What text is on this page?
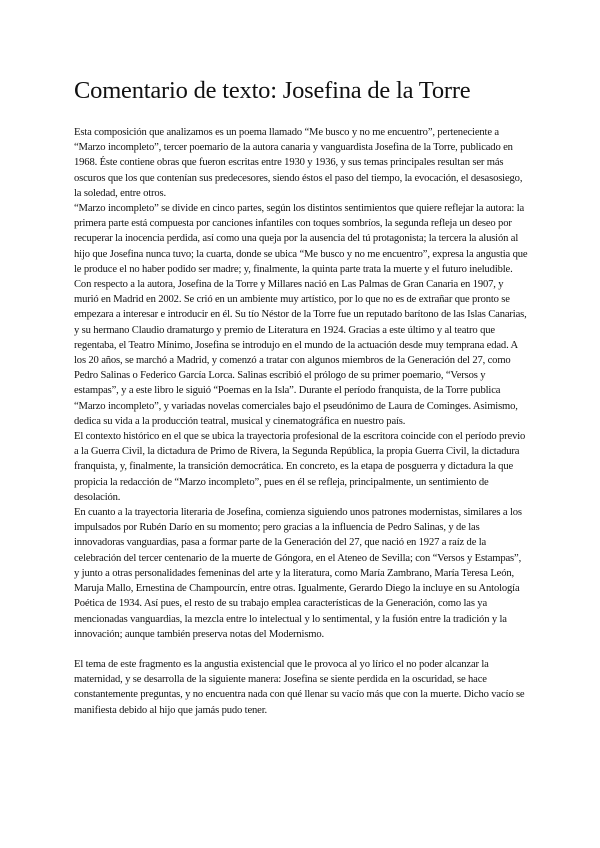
Comentario de texto: Josefina de la Torre

Esta composición que analizamos es un poema llamado “Me busco y no me encuentro”, perteneciente a “Marzo incompleto”, tercer poemario de la autora canaria y vanguardista Josefina de la Torre, publicado en 1968. Éste contiene obras que fueron escritas entre 1930 y 1936, y sus temas principales resultan ser más oscuros que los que contenían sus predecesores, siendo éstos el paso del tiempo, la evocación, el desasosiego, la soledad, entre otros.

“Marzo incompleto” se divide en cinco partes, según los distintos sentimientos que quiere reflejar la autora: la primera parte está compuesta por canciones infantiles con toques sombríos, la segunda refleja un deseo por recuperar la inocencia perdida, así como una queja por la ausencia del tú protagonista; la tercera la alusión al hijo que Josefina nunca tuvo; la cuarta, donde se ubica “Me busco y no me encuentro”, expresa la angustia que le produce el no haber podido ser madre; y, finalmente, la quinta parte trata la muerte y el futuro ineludible.

Con respecto a la autora, Josefina de la Torre y Millares nació en Las Palmas de Gran Canaria en 1907, y murió en Madrid en 2002. Se crió en un ambiente muy artístico, por lo que no es de extrañar que pronto se empezara a interesar e introducir en él. Su tío Néstor de la Torre fue un reputado barítono de las Islas Canarias, y su hermano Claudio dramaturgo y premio de Literatura en 1924. Gracias a este último y al teatro que regentaba, el Teatro Mínimo, Josefina se introdujo en el mundo de la actuación desde muy temprana edad. A los 20 años, se marchó a Madrid, y comenzó a tratar con algunos miembros de la Generación del 27, como Pedro Salinas o Federico García Lorca. Salinas escribió el prólogo de su primer poemario, “Versos y estampas”, y a este libro le siguió “Poemas en la Isla”. Durante el período franquista, de la Torre publica “Marzo incompleto”, y variadas novelas comerciales bajo el pseudónimo de Laura de Cominges. Asimismo, dedica su vida a la producción teatral, musical y cinematográfica en nuestro país.

El contexto histórico en el que se ubica la trayectoria profesional de la escritora coincide con el período previo a la Guerra Civil, la dictadura de Primo de Rivera, la Segunda República, la propia Guerra Civil, la dictadura franquista, y, finalmente, la transición democrática. En concreto, es la etapa de posguerra y dictadura la que propicia la redacción de “Marzo incompleto”, pues en él se refleja, principalmente, un sentimiento de desolación.

En cuanto a la trayectoria literaria de Josefina, comienza siguiendo unos patrones modernistas, similares a los impulsados por Rubén Darío en su momento; pero gracias a la influencia de Pedro Salinas, y de las innovadoras vanguardias, pasa a formar parte de la Generación del 27, que nació en 1927 a raíz de la celebración del tercer centenario de la muerte de Góngora, en el Ateneo de Sevilla; con “Versos y Estampas”, y junto a otras personalidades femeninas del arte y la literatura, como María Zambrano, María Teresa León, Maruja Mallo, Ernestina de Champourcín, entre otras. Igualmente, Gerardo Diego la incluye en su Antología Poética de 1934. Así pues, el resto de su trabajo emplea características de la Generación, como las ya mencionadas vanguardias, la mezcla entre lo intelectual y lo sentimental, y la fusión entre la tradición y la innovación; aunque también preserva notas del Modernismo.

El tema de este fragmento es la angustia existencial que le provoca al yo lírico el no poder alcanzar la maternidad, y se desarrolla de la siguiente manera: Josefina se siente perdida en la oscuridad, se hace constantemente preguntas, y no encuentra nada con qué llenar su vacío más que con la muerte. Dicho vacío se manifiesta debido al hijo que jamás pudo tener.
